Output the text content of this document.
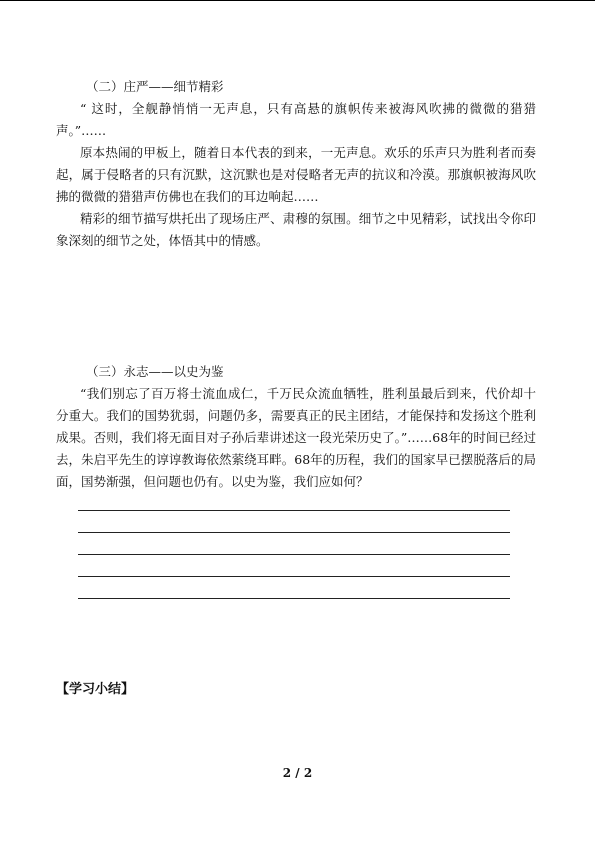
（二）庄严——细节精彩

“ 这时，全舰静悄悄一无声息，只有高悬的旗帜传来被海风吹拂的微微的猎猎声。”……

原本热闹的甲板上，随着日本代表的到来，一无声息。欢乐的乐声只为胜利者而奏起，属于侵略者的只有沉默，这沉默也是对侵略者无声的抗议和冷漠。那旗帜被海风吹拂的微微的猎猎声仿佛也在我们的耳边响起……

精彩的细节描写烘托出了现场庄严、肃穆的氛围。细节之中见精彩，试找出令你印象深刻的细节之处，体悟其中的情感。

（三）永志——以史为鉴

“我们别忘了百万将士流血成仁，千万民众流血牺牲，胜利虽最后到来，代价却十分重大。我们的国势犹弱，问题仍多，需要真正的民主团结，才能保持和发扬这个胜利成果。否则，我们将无面目对子孙后辈讲述这一段光荣历史了。”……68年的时间已经过去，朱启平先生的谆谆教诲依然萦绕耳畔。68年的历程，我们的国家早已摆脱落后的局面，国势渐强，但问题也仍有。以史为鉴，我们应如何？

【学习小结】
2 / 2
